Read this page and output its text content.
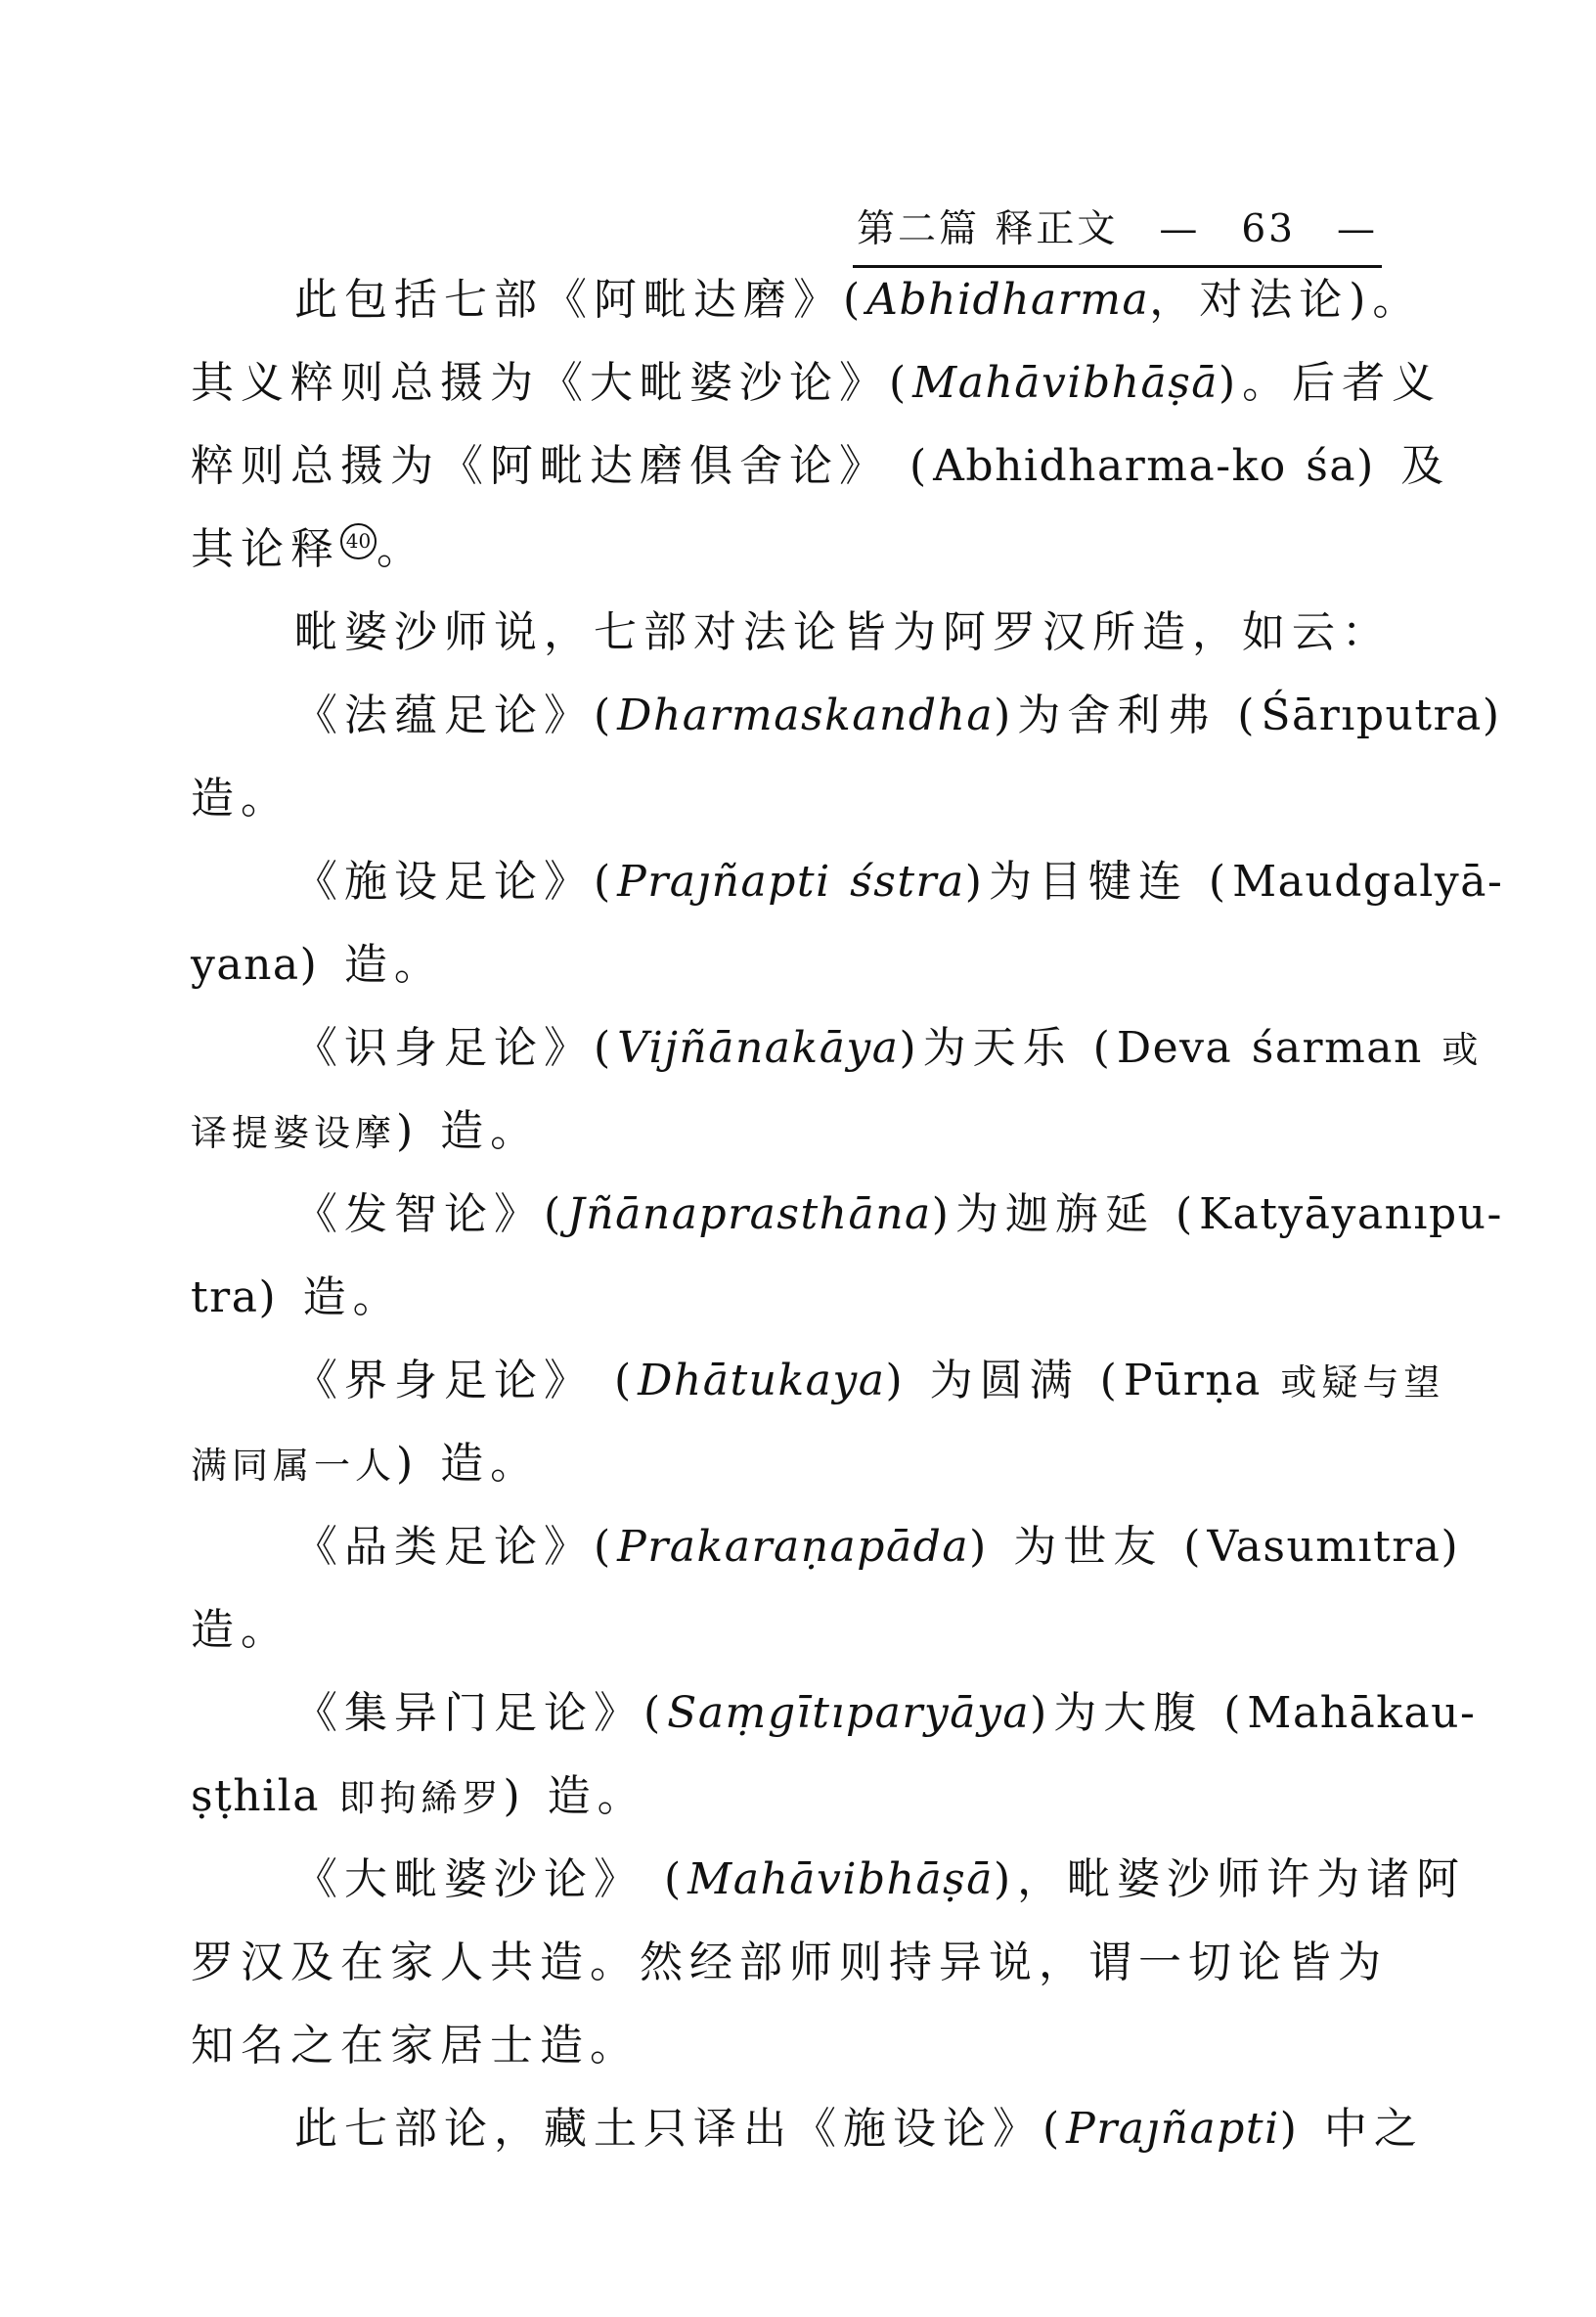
第二篇 释正文　—　63　—

此包括七部《阿毗达磨》(Abhidharma，对法论)。
其义粹则总摄为《大毗婆沙论》(Mahāvibhāṣā)。后者义
粹则总摄为《阿毗达磨俱舍论》 (Abhidharma-ko śa) 及
其论释 40 。
毗婆沙师说，七部对法论皆为阿罗汉所造，如云：
《法蕴足论》(Dharmaskandha)为舍利弗 (Śārıputra)
造。
《施设足论》(Praȷñapti śstra)为目犍连 (Maudgalyā-
yana) 造。
《识身足论》(Vijñānakāya)为天乐 (Deva śarman 或
译提婆设摩) 造。
《发智论》(Jñānaprasthāna)为迦旃延 (Katyāyanıpu-
tra) 造。
《界身足论》 (Dhātukaya) 为圆满 (Pūrṇa 或疑与望
满同属一人) 造。
《品类足论》(Prakaraṇapāda) 为世友 (Vasumıtra)
造。
《集异门足论》(Saṃgītıparyāya)为大腹 (Mahākau-
ṣṭhila 即拘絺罗) 造。
《大毗婆沙论》 (Mahāvibhāṣā)，毗婆沙师许为诸阿
罗汉及在家人共造。然经部师则持异说，谓一切论皆为
知名之在家居士造。
此七部论，藏土只译出《施设论》(Praȷñapti) 中之
